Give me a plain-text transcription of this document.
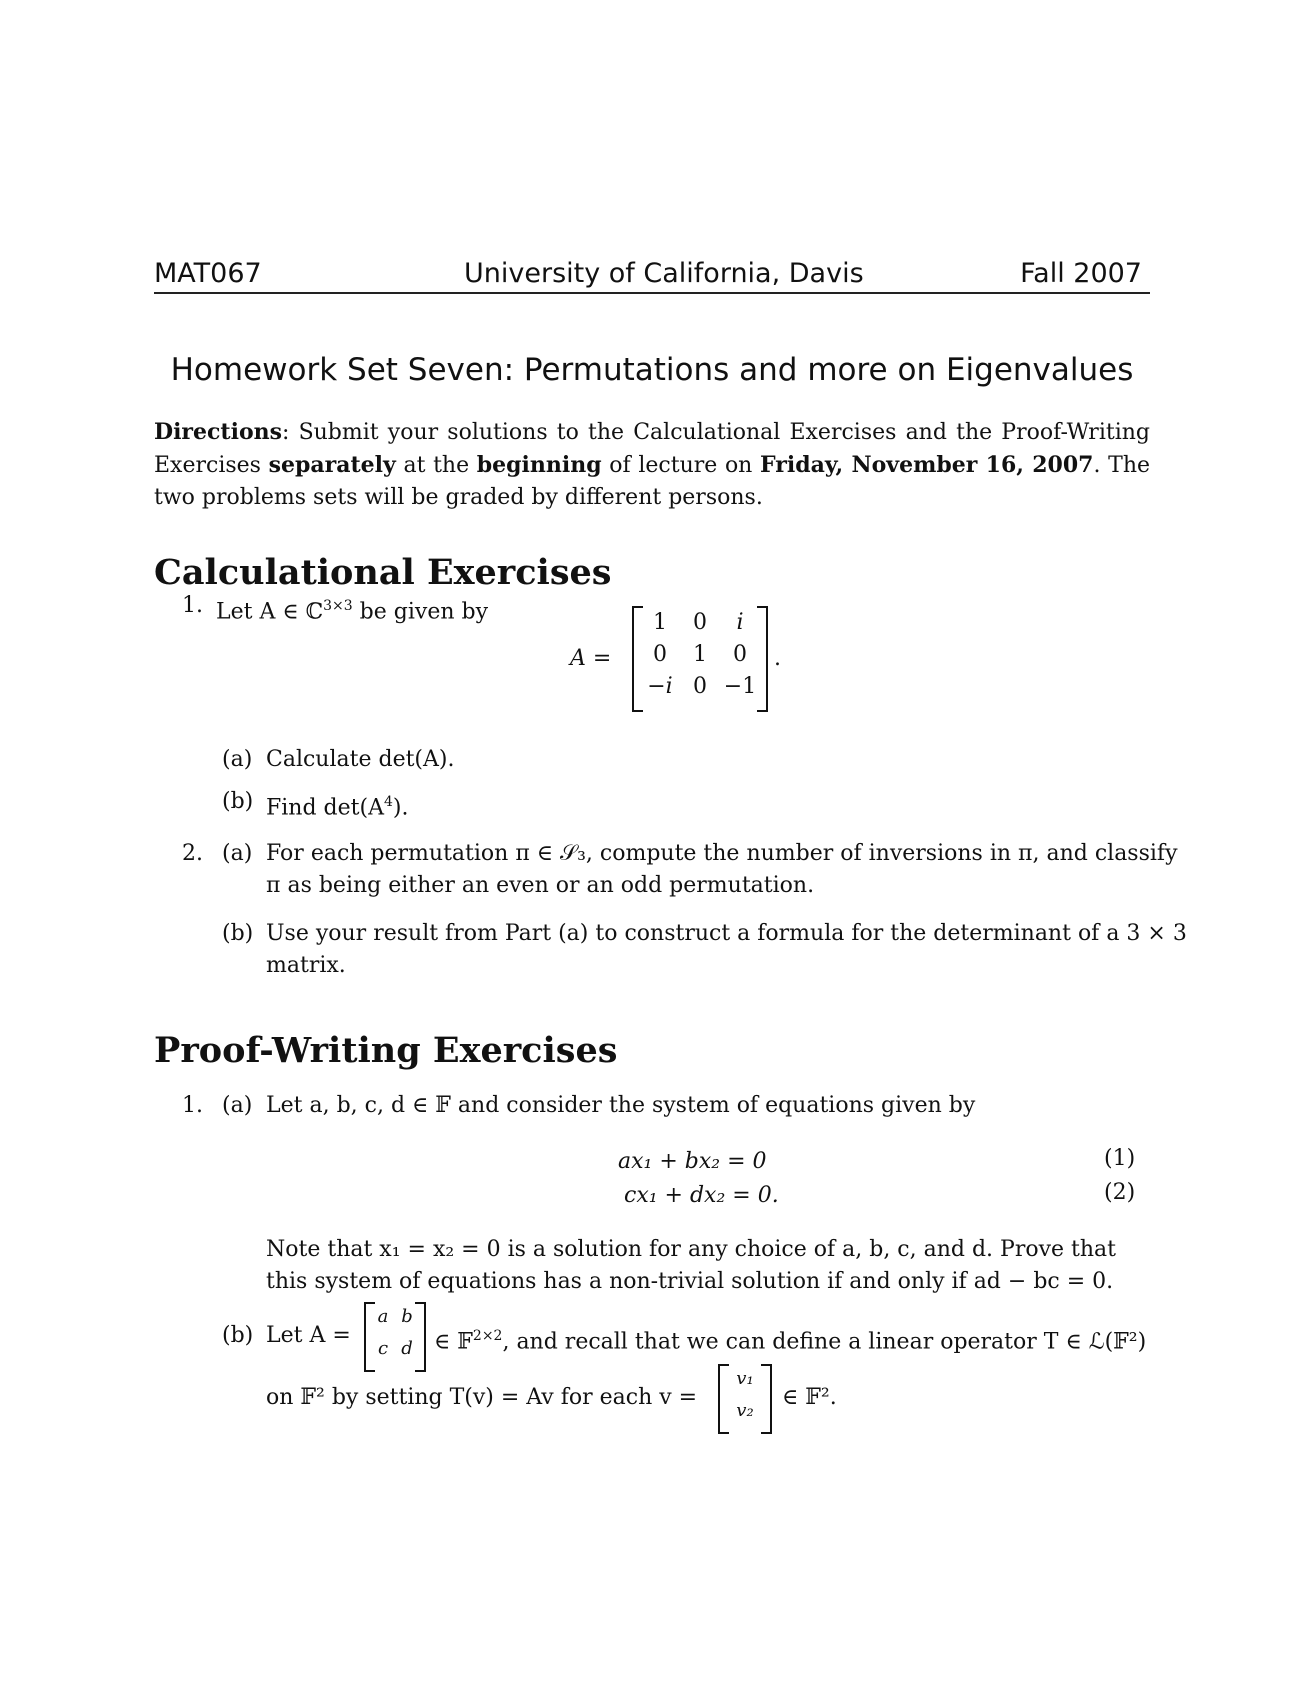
MAT067	University of California, Davis	Fall 2007
Homework Set Seven: Permutations and more on Eigenvalues
Directions: Submit your solutions to the Calculational Exercises and the Proof-Writing Exercises separately at the beginning of lecture on Friday, November 16, 2007. The two problems sets will be graded by different persons.
Calculational Exercises
1. Let A ∈ ℂ$^{3\times 3}$ be given by
A =
1	0	i
0	1	0
−i 0 −1
.
(a) Calculate det(A).
(b) Find $\det(A^4)$.
2. (a) For each permutation π ∈ 𝒮₃, compute the number of inversions in π, and classify
π as being either an even or an odd permutation.
(b) Use your result from Part (a) to construct a formula for the determinant of a 3 × 3
matrix.
Proof-Writing Exercises
1. (a) Let a, b, c, d ∈ 𝔽 and consider the system of equations given by
ax₁ + bx₂ = 0	(1)
cx₁ + dx₂ = 0.	(2)
Note that x₁ = x₂ = 0 is a solution for any choice of a, b, c, and d. Prove that
this system of equations has a non-trivial solution if and only if ad − bc = 0.
(b) Let A =
a b
c d ∈ 𝔽$^{2\times 2}$, and recall that we can define a linear operator T ∈ ℒ(𝔽²)
on 𝔽² by setting T(v) = Av for each v =
v₁
v₂
∈ 𝔽².
